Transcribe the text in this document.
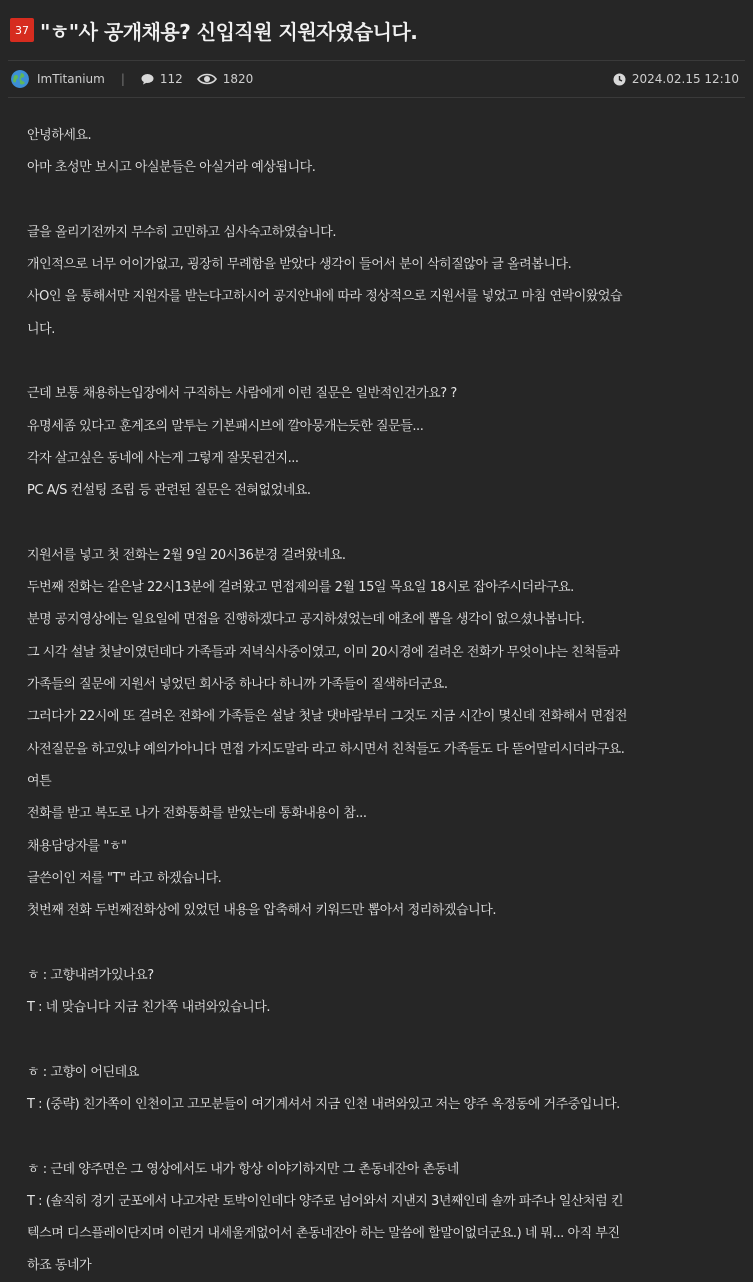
37 "ㅎ"사 공개채용? 신입직원 지원자였습니다.
ImTitanium |	112	1820	2024.02.15 12:10
안녕하세요.
아마 초성만 보시고 아실분들은 아실거라 예상됩니다.
글을 올리기전까지 무수히 고민하고 심사숙고하였습니다.
개인적으로 너무 어이가없고, 굉장히 무례함을 받았다 생각이 들어서 분이 삭히질않아 글 올려봅니다.
사O인 을 통해서만 지원자를 받는다고하시어 공지안내에 따라 정상적으로 지원서를 넣었고 마침 연락이왔었습
니다.
근데 보통 채용하는입장에서 구직하는 사람에게 이런 질문은 일반적인건가요? ?
유명세좀 있다고 훈계조의 말투는 기본패시브에 깔아뭉개는듯한 질문들...
각자 살고싶은 동네에 사는게 그렇게 잘못된건지...
PC A/S 컨설팅 조립 등 관련된 질문은 전혀없었네요.
지원서를 넣고 첫 전화는 2월 9일 20시36분경 걸려왔네요.
두번째 전화는 같은날 22시13분에 걸려왔고 면접제의를 2월 15일 목요일 18시로 잡아주시더라구요.
분명 공지영상에는 일요일에 면접을 진행하겠다고 공지하셨었는데 애초에 뽑을 생각이 없으셨나봅니다.
그 시각 설날 첫날이였던데다 가족들과 저녁식사중이였고, 이미 20시경에 걸려온 전화가 무엇이냐는 친척들과
가족들의 질문에 지원서 넣었던 회사중 하나다 하니까 가족들이 질색하더군요.
그러다가 22시에 또 걸려온 전화에 가족들은 설날 첫날 댓바람부터 그것도 지금 시간이 몇신데 전화해서 면접전
사전질문을 하고있냐 예의가아니다 면접 가지도말라 라고 하시면서 친척들도 가족들도 다 뜯어말리시더라구요.
여튼
전화를 받고 복도로 나가 전화통화를 받았는데 통화내용이 참...
채용담당자를 "ㅎ"
글쓴이인 저를 "T" 라고 하겠습니다.
첫번째 전화 두번째전화상에 있었던 내용을 압축해서 키워드만 뽑아서 정리하겠습니다.
ㅎ : 고향내려가있나요?
T : 네 맞습니다 지금 친가쪽 내려와있습니다.
ㅎ : 고향이 어딘데요
T : (중략) 친가쪽이 인천이고 고모분들이 여기계셔서 지금 인천 내려와있고 저는 양주 옥정동에 거주중입니다.
ㅎ : 근데 양주면은 그 영상에서도 내가 항상 이야기하지만 그 촌동네잔아 촌동네
T : (솔직히 경기 군포에서 나고자란 토박이인데다 양주로 넘어와서 지낸지 3년째인데 솔까 파주나 일산처럼 킨
텍스며 디스플레이단지며 이런거 내세울게없어서 촌동네잔아 하는 말씀에 할말이없더군요.) 네 뭐... 아직 부진
하죠 동네가
